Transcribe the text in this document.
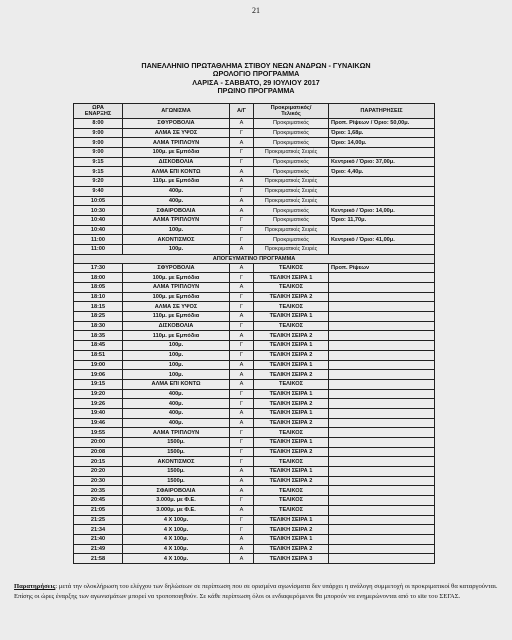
21
ΠΑΝΕΛΛΗΝΙΟ ΠΡΩΤΑΘΛΗΜΑ ΣΤΙΒΟΥ ΝΕΩΝ ΑΝΔΡΩΝ - ΓΥΝΑΙΚΩΝ
ΩΡΟΛΟΓΙΟ ΠΡΟΓΡΑΜΜΑ
ΛΑΡΙΣΑ - ΣΑΒΒΑΤΟ, 29 ΙΟΥΛΙΟΥ 2017
ΠΡΩΙΝΟ ΠΡΟΓΡΑΜΜΑ
ΩΡΑ
ΕΝΑΡΞΗΣ	ΑΓΩΝΙΣΜΑ	Α/Γ	Προκριματικός/
Τελικός	ΠΑΡΑΤΗΡΗΣΕΙΣ
8:00	ΣΦΥΡΟΒΟΛΙΑ	Α	Προκριματικός	Προπ. Ρίψεων / Όριο: 50,00μ.
9:00	ΑΛΜΑ ΣΕ ΥΨΟΣ	Γ	Προκριματικός	Όριο: 1,68μ.
9:00	ΑΛΜΑ ΤΡΙΠΛΟΥΝ	Α	Προκριματικός	Όριο: 14,00μ.
9:00	100μ. με Εμπόδια	Γ	Προκριματικές Σειρές	
9:15	ΔΙΣΚΟΒΟΛΙΑ	Γ	Προκριματικός	Κεντρικό / Όριο: 37,00μ.
9:15	ΑΛΜΑ ΕΠΙ ΚΟΝΤΩ	Α	Προκριματικός	Όριο: 4,40μ.
9:20	110μ. με Εμπόδια	Α	Προκριματικές Σειρές	
9:40	400μ.	Γ	Προκριματικές Σειρές	
10:05	400μ.	Α	Προκριματικές Σειρές	
10:30	ΣΦΑΙΡΟΒΟΛΙΑ	Α	Προκριματικός	Κεντρικό / Όριο: 14,00μ.
10:40	ΑΛΜΑ ΤΡΙΠΛΟΥΝ	Γ	Προκριματικός	Όριο: 11,70μ.
10:40	100μ.	Γ	Προκριματικές Σειρές	
11:00	ΑΚΟΝΤΙΣΜΟΣ	Γ	Προκριματικός	Κεντρικό / Όριο: 41,00μ.
11:00	100μ.	Α	Προκριματικές Σειρές	
ΑΠΟΓΕΥΜΑΤΙΝΟ ΠΡΟΓΡΑΜΜΑ				
17:30	ΣΦΥΡΟΒΟΛΙΑ	Α	ΤΕΛΙΚΟΣ	Προπ. Ρίψεων
18:00	100μ. με Εμπόδια	Γ	ΤΕΛΙΚΗ ΣΕΙΡΑ 1	
18:05	ΑΛΜΑ ΤΡΙΠΛΟΥΝ	Α	ΤΕΛΙΚΟΣ	
18:10	100μ. με Εμπόδια	Γ	ΤΕΛΙΚΗ ΣΕΙΡΑ 2	
18:15	ΑΛΜΑ ΣΕ ΥΨΟΣ	Γ	ΤΕΛΙΚΟΣ	
18:25	110μ. με Εμπόδια	Α	ΤΕΛΙΚΗ ΣΕΙΡΑ 1	
18:30	ΔΙΣΚΟΒΟΛΙΑ	Γ	ΤΕΛΙΚΟΣ	
18:35	110μ. με Εμπόδια	Α	ΤΕΛΙΚΗ ΣΕΙΡΑ 2	
18:45	100μ.	Γ	ΤΕΛΙΚΗ ΣΕΙΡΑ 1	
18:51	100μ.	Γ	ΤΕΛΙΚΗ ΣΕΙΡΑ 2	
19:00	100μ.	Α	ΤΕΛΙΚΗ ΣΕΙΡΑ 1	
19:06	100μ.	Α	ΤΕΛΙΚΗ ΣΕΙΡΑ 2	
19:15	ΑΛΜΑ ΕΠΙ ΚΟΝΤΩ	Α	ΤΕΛΙΚΟΣ	
19:20	400μ.	Γ	ΤΕΛΙΚΗ ΣΕΙΡΑ 1	
19:26	400μ.	Γ	ΤΕΛΙΚΗ ΣΕΙΡΑ 2	
19:40	400μ.	Α	ΤΕΛΙΚΗ ΣΕΙΡΑ 1	
19:46	400μ.	Α	ΤΕΛΙΚΗ ΣΕΙΡΑ 2	
19:55	ΑΛΜΑ ΤΡΙΠΛΟΥΝ	Γ	ΤΕΛΙΚΟΣ	
20:00	1500μ.	Γ	ΤΕΛΙΚΗ ΣΕΙΡΑ 1	
20:08	1500μ.	Γ	ΤΕΛΙΚΗ ΣΕΙΡΑ 2	
20:15	ΑΚΟΝΤΙΣΜΟΣ	Γ	ΤΕΛΙΚΟΣ	
20:20	1500μ.	Α	ΤΕΛΙΚΗ ΣΕΙΡΑ 1	
20:30	1500μ.	Α	ΤΕΛΙΚΗ ΣΕΙΡΑ 2	
20:35	ΣΦΑΙΡΟΒΟΛΙΑ	Α	ΤΕΛΙΚΟΣ	
20:45	3.000μ. με Φ.Ε.	Γ	ΤΕΛΙΚΟΣ	
21:05	3.000μ. με Φ.Ε.	Α	ΤΕΛΙΚΟΣ	
21:25	4 X 100μ.	Γ	ΤΕΛΙΚΗ ΣΕΙΡΑ 1	
21:34	4 X 100μ.	Γ	ΤΕΛΙΚΗ ΣΕΙΡΑ 2	
21:40	4 X 100μ.	Α	ΤΕΛΙΚΗ ΣΕΙΡΑ 1	
21:49	4 X 100μ.	Α	ΤΕΛΙΚΗ ΣΕΙΡΑ 2	
21:58	4 X 100μ.	Α	ΤΕΛΙΚΗ ΣΕΙΡΑ 3	
Παρατηρήσεις: μετά την ολοκλήρωση του ελέγχου των δηλώσεων σε περίπτωση που σε ορισμένα αγωνίσματα δεν υπάρχει η ανάλογη συμμετοχή οι προκριματικοί θα καταργούνται. Επίσης οι ώρες έναρξης των αγωνισμάτων μπορεί να τροποποιηθούν. Σε κάθε περίπτωση όλοι οι ενδιαφερόμενοι θα μπορούν να ενημερώνονται από το site του ΣΕΓΑΣ.
